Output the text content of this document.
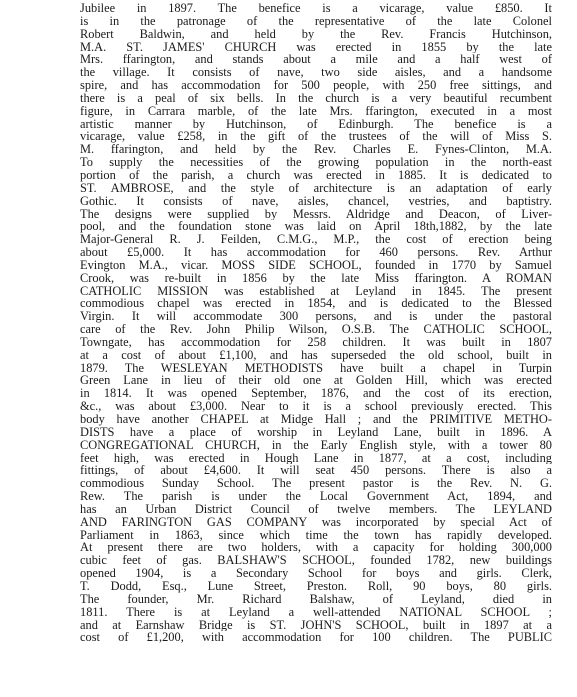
Jubilee in 1897. The benefice is a vicarage, value £850. It
is in the patronage of the representative of the late Colonel
Robert Baldwin, and held by the Rev. Francis Hutchinson,
M.A. ST. JAMES' CHURCH was erected in 1855 by the late
Mrs. ffarington, and stands about a mile and a half west of
the village. It consists of nave, two side aisles, and a handsome
spire, and has accommodation for 500 people, with 250 free sittings, and
there is a peal of six bells. In the church is a very beautiful recumbent
figure, in Carrara marble, of the late Mrs. ffarington, executed in a most
artistic manner by Hutchinson, of Edinburgh. The benefice is a
vicarage, value £258, in the gift of the trustees of the will of Miss S.
M. ffarington, and held by the Rev. Charles E. Fynes-Clinton, M.A.
To supply the necessities of the growing population in the north-east
portion of the parish, a church was erected in 1885. It is dedicated to
ST. AMBROSE, and the style of architecture is an adaptation of early
Gothic. It consists of nave, aisles, chancel, vestries, and baptistry.
The designs were supplied by Messrs. Aldridge and Deacon, of Liver-
pool, and the foundation stone was laid on April 18th,1882, by the late
Major-General R. J. Feilden, C.M.G., M.P., the cost of erection being
about £5,000. It has accommodation for 460 persons. Rev. Arthur
Evington M.A., vicar. MOSS SIDE SCHOOL, founded in 1770 by Samuel
Crook, was re-built in 1856 by the late Miss ffarington. A ROMAN
CATHOLIC MISSION was established at Leyland in 1845. The present
commodious chapel was erected in 1854, and is dedicated to the Blessed
Virgin. It will accommodate 300 persons, and is under the pastoral
care of the Rev. John Philip Wilson, O.S.B. The CATHOLIC SCHOOL,
Towngate, has accommodation for 258 children. It was built in 1807
at a cost of about £1,100, and has superseded the old school, built in
1879. The WESLEYAN METHODISTS have built a chapel in Turpin
Green Lane in lieu of their old one at Golden Hill, which was erected
in 1814. It was opened September, 1876, and the cost of its erection,
&c., was about £3,000. Near to it is a school previously erected. This
body have another CHAPEL at Midge Hall ; and the PRIMITIVE METHO-
DISTS have a place of worship in Leyland Lane, built in 1896. A
CONGREGATIONAL CHURCH, in the Early English style, with a tower 80
feet high, was erected in Hough Lane in 1877, at a cost, including
fittings, of about £4,600. It will seat 450 persons. There is also a
commodious Sunday School. The present pastor is the Rev. N. G.
Rew. The parish is under the Local Government Act, 1894, and
has an Urban District Council of twelve members. The LEYLAND
AND FARINGTON GAS COMPANY was incorporated by special Act of
Parliament in 1863, since which time the town has rapidly developed.
At present there are two holders, with a capacity for holding 300,000
cubic feet of gas. BALSHAW'S SCHOOL, founded 1782, new buildings
opened 1904, is a Secondary School for boys and girls. Clerk,
T. Dodd, Esq., Lune Street, Preston. Roll, 90 boys, 80 girls.
The founder, Mr. Richard Balshaw, of Leyland, died in
1811. There is at Leyland a well-attended NATIONAL SCHOOL ;
and at Earnshaw Bridge is ST. JOHN'S SCHOOL, built in 1897 at a
cost of £1,200, with accommodation for 100 children. The PUBLIC
